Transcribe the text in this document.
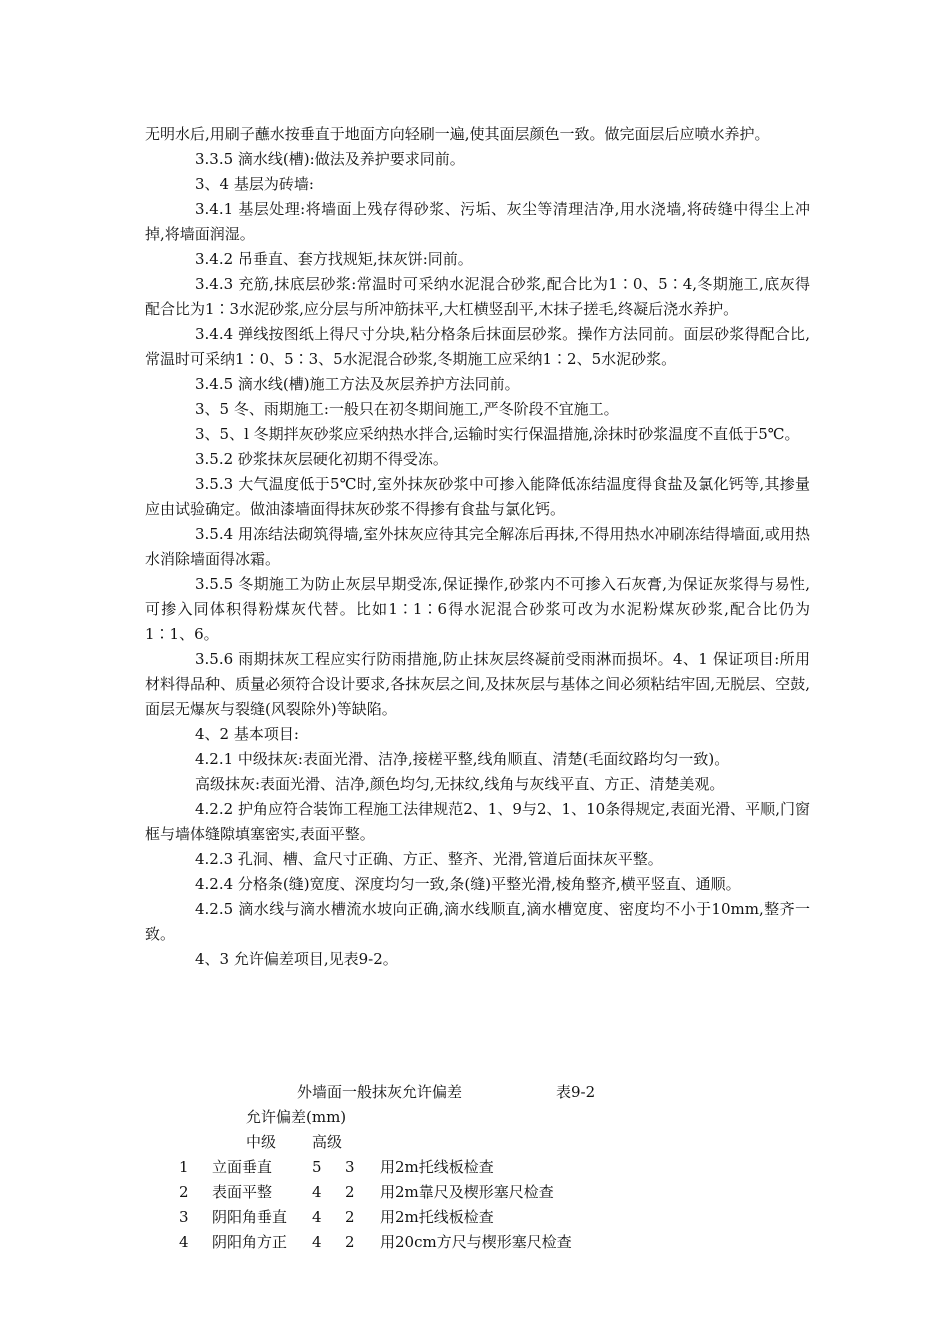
无明水后,用刷子蘸水按垂直于地面方向轻刷一遍,使其面层颜色一致。做完面层后应喷水养护。

3.3.5 滴水线(槽):做法及养护要求同前。

3、4 基层为砖墙:

3.4.1 基层处理:将墙面上残存得砂浆、污垢、灰尘等清理洁净,用水浇墙,将砖缝中得尘上冲掉,将墙面润湿。

3.4.2 吊垂直、套方找规矩,抹灰饼:同前。

3.4.3 充筋,抹底层砂浆:常温时可采纳水泥混合砂浆,配合比为1∶0、5∶4,冬期施工,底灰得配合比为1∶3水泥砂浆,应分层与所冲筋抹平,大杠横竖刮平,木抹子搓毛,终凝后浇水养护。

3.4.4 弹线按图纸上得尺寸分块,粘分格条后抹面层砂浆。操作方法同前。面层砂浆得配合比,常温时可采纳1∶0、5∶3、5水泥混合砂浆,冬期施工应采纳1∶2、5水泥砂浆。

3.4.5 滴水线(槽)施工方法及灰层养护方法同前。

3、5 冬、雨期施工:一般只在初冬期间施工,严冬阶段不宜施工。

3、5、l 冬期拌灰砂浆应采纳热水拌合,运输时实行保温措施,涂抹时砂浆温度不直低于5℃。

3.5.2 砂浆抹灰层硬化初期不得受冻。

3.5.3 大气温度低于5℃时,室外抹灰砂浆中可掺入能降低冻结温度得食盐及氯化钙等,其掺量应由试验确定。做油漆墙面得抹灰砂浆不得掺有食盐与氯化钙。

3.5.4 用冻结法砌筑得墙,室外抹灰应待其完全解冻后再抹,不得用热水冲刷冻结得墙面,或用热水消除墙面得冰霜。

3.5.5 冬期施工为防止灰层早期受冻,保证操作,砂浆内不可掺入石灰膏,为保证灰浆得与易性,可掺入同体积得粉煤灰代替。比如1∶1∶6得水泥混合砂浆可改为水泥粉煤灰砂浆,配合比仍为1∶1、6。

3.5.6 雨期抹灰工程应实行防雨措施,防止抹灰层终凝前受雨淋而损坏。4、1 保证项目:所用材料得品种、质量必须符合设计要求,各抹灰层之间,及抹灰层与基体之间必须粘结牢固,无脱层、空鼓,面层无爆灰与裂缝(风裂除外)等缺陷。

4、2 基本项目:

4.2.1 中级抹灰:表面光滑、洁净,接槎平整,线角顺直、清楚(毛面纹路均匀一致)。

高级抹灰:表面光滑、洁净,颜色均匀,无抹纹,线角与灰线平直、方正、清楚美观。

4.2.2 护角应符合装饰工程施工法律规范2、1、9与2、1、10条得规定,表面光滑、平顺,门窗框与墙体缝隙填塞密实,表面平整。

4.2.3 孔洞、槽、盒尺寸正确、方正、整齐、光滑,管道后面抹灰平整。

4.2.4 分格条(缝)宽度、深度均匀一致,条(缝)平整光滑,棱角整齐,横平竖直、通顺。

4.2.5 滴水线与滴水槽流水坡向正确,滴水线顺直,滴水槽宽度、密度均不小于10mm,整齐一致。

4、3 允许偏差项目,见表9-2。

外墙面一般抹灰允许偏差	表9-2
允许偏差(mm)
中级 高级
1 立面垂直	5 3 用2m托线板检查
2 表面平整	4 2 用2m靠尺及楔形塞尺检查
3 阴阳角垂直 4 2 用2m托线板检查
4 阴阳角方正 4 2 用20cm方尺与楔形塞尺检查
